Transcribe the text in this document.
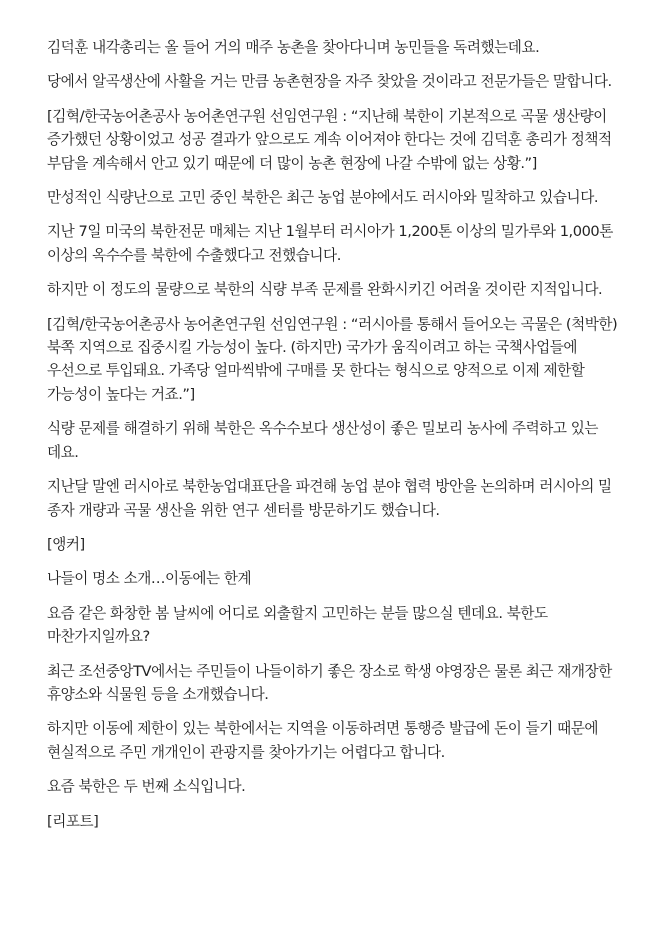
김덕훈 내각총리는 올 들어 거의 매주 농촌을 찾아다니며 농민들을 독려했는데요.

당에서 알곡생산에 사활을 거는 만큼 농촌현장을 자주 찾았을 것이라고 전문가들은 말합니다.

[김혁/한국농어촌공사 농어촌연구원 선임연구원 : “지난해 북한이 기본적으로 곡물 생산량이 증가했던 상황이었고 성공 결과가 앞으로도 계속 이어져야 한다는 것에 김덕훈 총리가 정책적 부담을 계속해서 안고 있기 때문에 더 많이 농촌 현장에 나갈 수밖에 없는 상황.”]

만성적인 식량난으로 고민 중인 북한은 최근 농업 분야에서도 러시아와 밀착하고 있습니다.

지난 7일 미국의 북한전문 매체는 지난 1월부터 러시아가 1,200톤 이상의 밀가루와 1,000톤 이상의 옥수수를 북한에 수출했다고 전했습니다.

하지만 이 정도의 물량으로 북한의 식량 부족 문제를 완화시키긴 어려울 것이란 지적입니다.

[김혁/한국농어촌공사 농어촌연구원 선임연구원 : “러시아를 통해서 들어오는 곡물은 (척박한) 북쪽 지역으로 집중시킬 가능성이 높다. (하지만) 국가가 움직이려고 하는 국책사업들에 우선으로 투입돼요. 가족당 얼마씩밖에 구매를 못 한다는 형식으로 양적으로 이제 제한할 가능성이 높다는 거죠.”]

식량 문제를 해결하기 위해 북한은 옥수수보다 생산성이 좋은 밀보리 농사에 주력하고 있는 데요.

지난달 말엔 러시아로 북한농업대표단을 파견해 농업 분야 협력 방안을 논의하며 러시아의 밀 종자 개량과 곡물 생산을 위한 연구 센터를 방문하기도 했습니다.

[앵커]

나들이 명소 소개…이동에는 한계

요즘 같은 화창한 봄 날씨에 어디로 외출할지 고민하는 분들 많으실 텐데요. 북한도 마찬가지일까요?

최근 조선중앙TV에서는 주민들이 나들이하기 좋은 장소로 학생 야영장은 물론 최근 재개장한 휴양소와 식물원 등을 소개했습니다.

하지만 이동에 제한이 있는 북한에서는 지역을 이동하려면 통행증 발급에 돈이 들기 때문에 현실적으로 주민 개개인이 관광지를 찾아가기는 어렵다고 합니다.

요즘 북한은 두 번째 소식입니다.

[리포트]
